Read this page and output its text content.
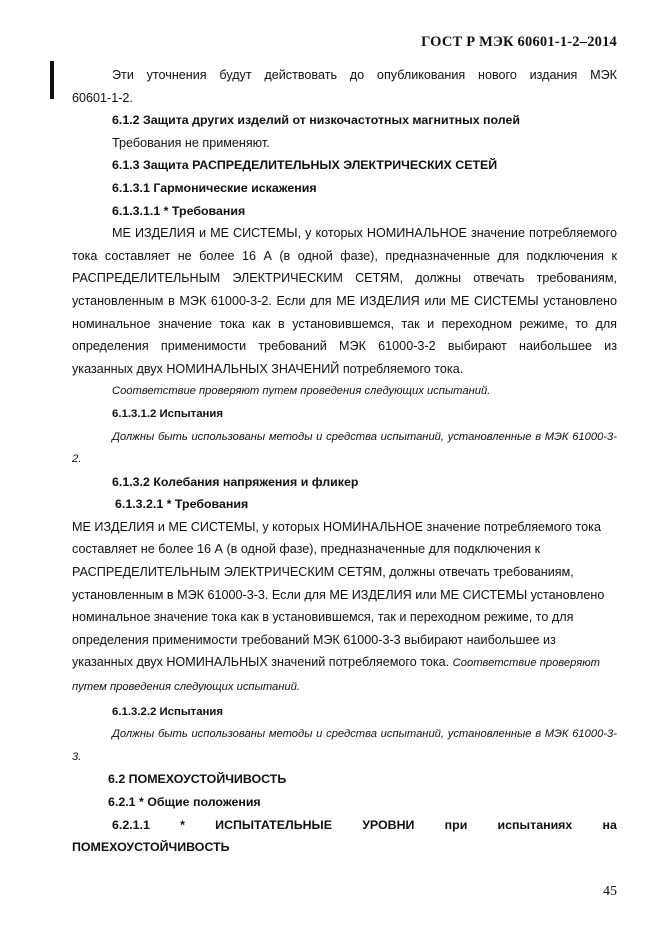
ГОСТ Р МЭК 60601-1-2–2014

Эти уточнения будут действовать до опубликования нового издания МЭК

60601-1-2.

6.1.2 Защита других изделий от низкочастотных магнитных полей

Требования не применяют.

6.1.3 Защита РАСПРЕДЕЛИТЕЛЬНЫХ ЭЛЕКТРИЧЕСКИХ СЕТЕЙ

6.1.3.1 Гармонические искажения

6.1.3.1.1 * Требования

МЕ ИЗДЕЛИЯ и МЕ СИСТЕМЫ, у которых НОМИНАЛЬНОЕ значение потребляемого тока составляет не более 16 А (в одной фазе), предназначенные для подключения к РАСПРЕДЕЛИТЕЛЬНЫМ ЭЛЕКТРИЧЕСКИМ СЕТЯМ, должны отвечать требованиям, установленным в МЭК 61000-3-2. Если для МЕ ИЗДЕЛИЯ или МЕ СИСТЕМЫ установлено номинальное значение тока как в установившемся, так и переходном режиме, то для определения применимости требований МЭК 61000-3-2 выбирают наибольшее из указанных двух НОМИНАЛЬНЫХ ЗНАЧЕНИЙ потребляемого тока.

Соответствие проверяют путем проведения следующих испытаний.

6.1.3.1.2 Испытания

Должны быть использованы методы и средства испытаний, установленные в МЭК 61000-3-2.

6.1.3.2 Колебания напряжения и фликер

6.1.3.2.1 * Требования

МЕ ИЗДЕЛИЯ и МЕ СИСТЕМЫ, у которых НОМИНАЛЬНОЕ значение потребляемого тока составляет не более 16 А (в одной фазе), предназначенные для подключения к РАСПРЕДЕЛИТЕЛЬНЫМ ЭЛЕКТРИЧЕСКИМ СЕТЯМ, должны отвечать требованиям, установленным в МЭК 61000-3-3. Если для МЕ ИЗДЕЛИЯ или МЕ СИСТЕМЫ установлено номинальное значение тока как в установившемся, так и переходном режиме, то для определения применимости требований МЭК 61000-3-3 выбирают наибольшее из указанных двух НОМИНАЛЬНЫХ значений потребляемого тока. Соответствие проверяют путем проведения следующих испытаний.

6.1.3.2.2 Испытания

Должны быть использованы методы и средства испытаний, установленные в МЭК 61000-3-3.

6.2 ПОМЕХОУСТОЙЧИВОСТЬ

6.2.1 * Общие положения

6.2.1.1 * ИСПЫТАТЕЛЬНЫЕ УРОВНИ при испытаниях на

ПОМЕХОУСТОЙЧИВОСТЬ

45
